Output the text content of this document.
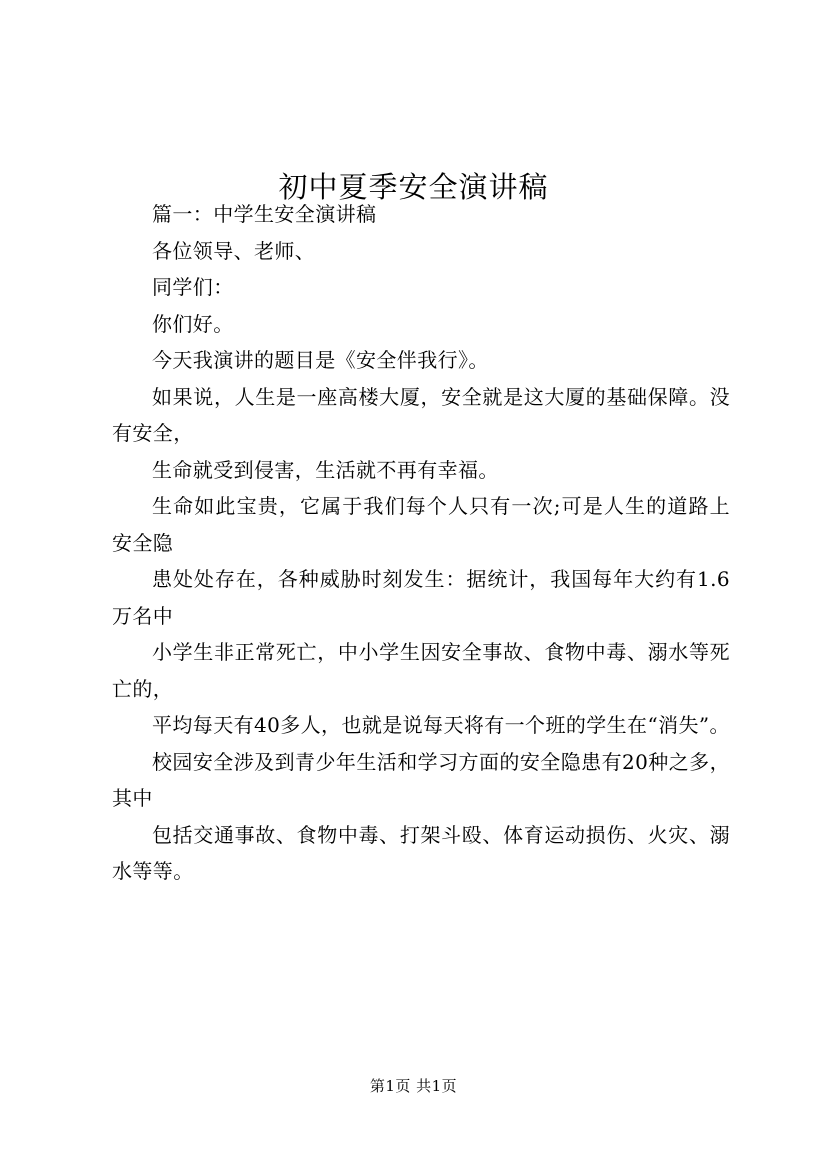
初中夏季安全演讲稿

篇一：中学生安全演讲稿

各位领导、老师、

同学们：

你们好。

今天我演讲的题目是《安全伴我行》。

如果说，人生是一座高楼大厦，安全就是这大厦的基础保障。没有安全，

生命就受到侵害，生活就不再有幸福。

生命如此宝贵，它属于我们每个人只有一次;可是人生的道路上安全隐

患处处存在，各种威胁时刻发生：据统计，我国每年大约有1.6万名中

小学生非正常死亡，中小学生因安全事故、食物中毒、溺水等死亡的，

平均每天有40多人，也就是说每天将有一个班的学生在“消失”。

校园安全涉及到青少年生活和学习方面的安全隐患有20种之多，其中

包括交通事故、食物中毒、打架斗殴、体育运动损伤、火灾、溺水等等。

第1页 共1页
